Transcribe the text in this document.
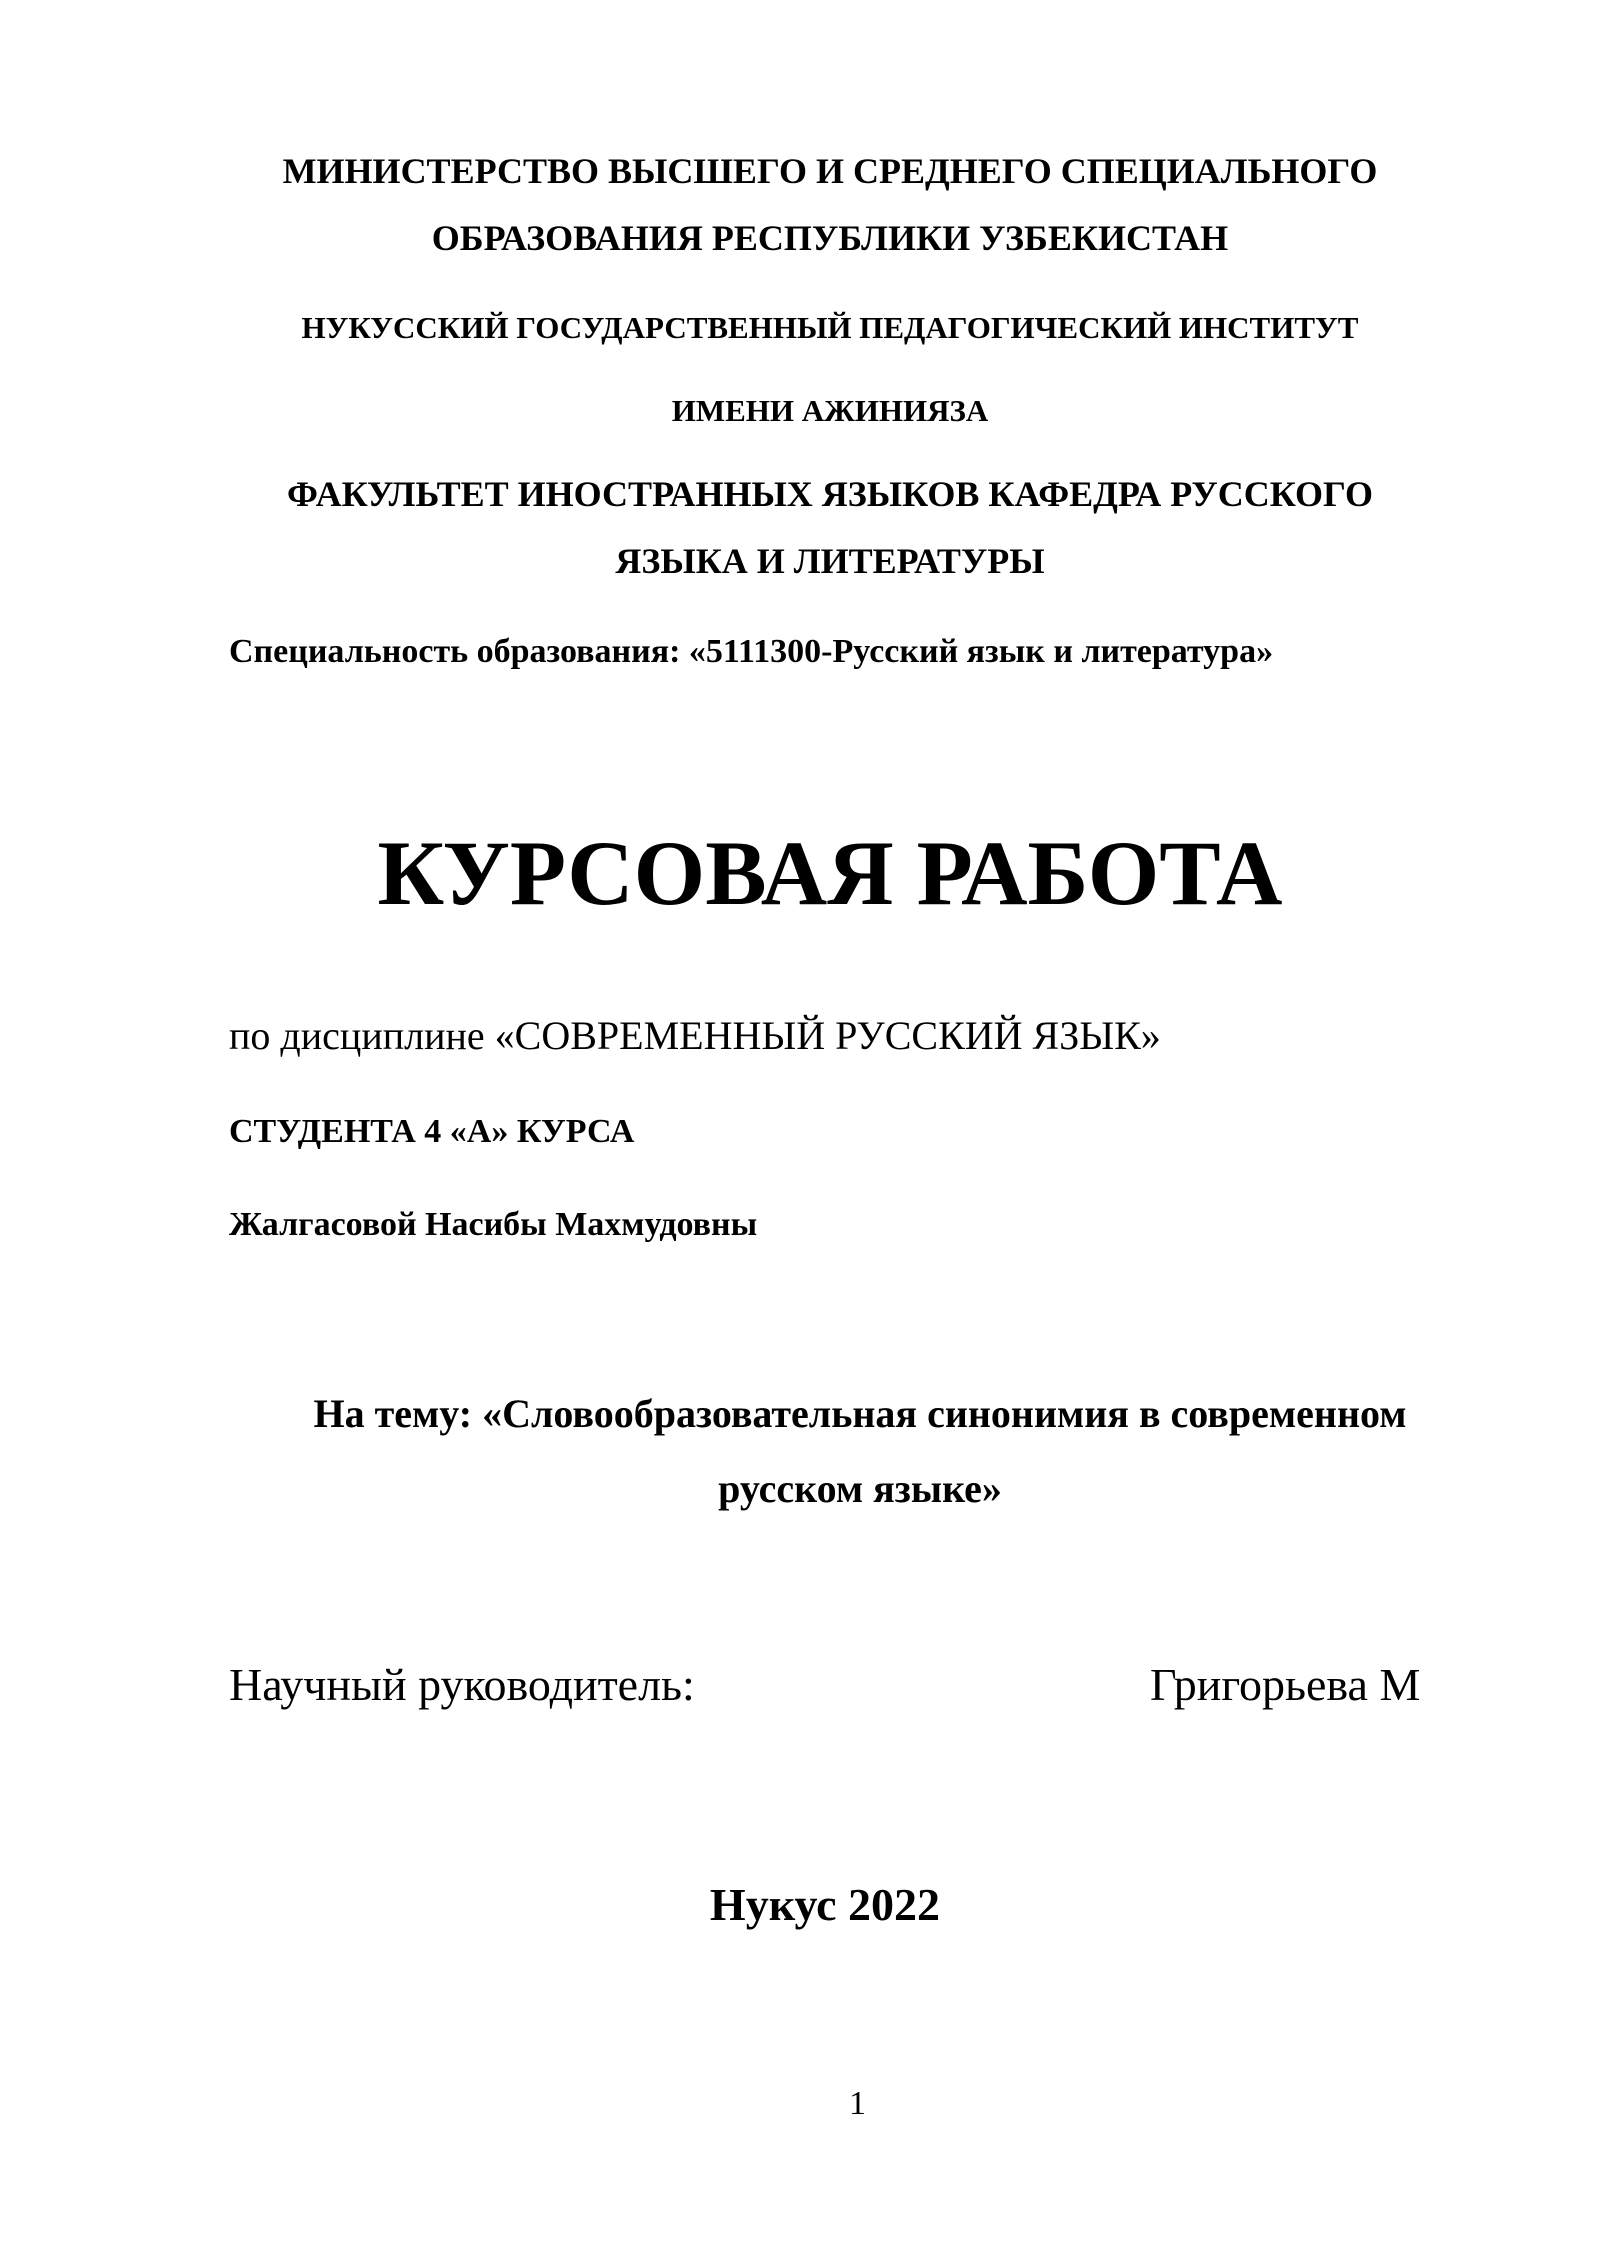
МИНИСТЕРСТВО ВЫСШЕГО И СРЕДНЕГО СПЕЦИАЛЬНОГО
ОБРАЗОВАНИЯ РЕСПУБЛИКИ УЗБЕКИСТАН
НУКУССКИЙ ГОСУДАРСТВЕННЫЙ ПЕДАГОГИЧЕСКИЙ ИНСТИТУТ
ИМЕНИ АЖИНИЯЗА
ФАКУЛЬТЕТ ИНОСТРАННЫХ ЯЗЫКОВ КАФЕДРА РУССКОГО
ЯЗЫКА И ЛИТЕРАТУРЫ
Специальность образования: «5111300-Русский язык и литература»
КУРСОВАЯ РАБОТА
по дисциплине «СОВРЕМЕННЫЙ РУССКИЙ ЯЗЫК»
СТУДЕНТА 4 «А» КУРСА
Жалгасовой Насибы Махмудовны
На тему: «Словообразовательная синонимия в современном
русском языке»
Научный руководитель:	Григорьева М
Нукус 2022
1
